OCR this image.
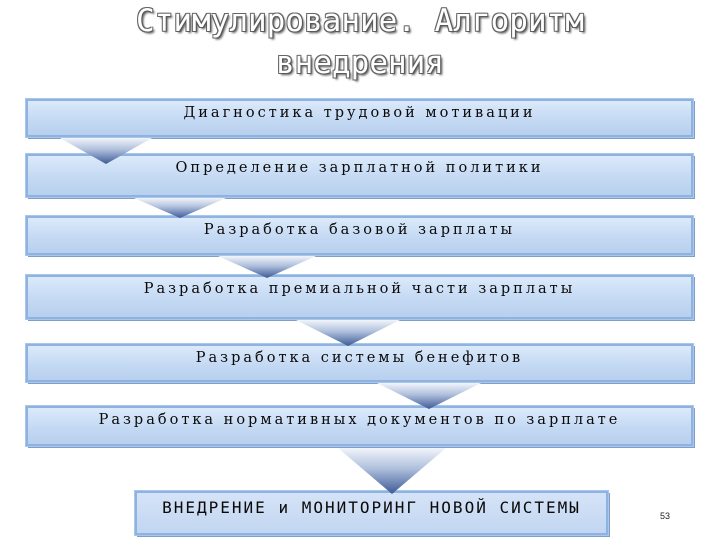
Стимулирование. Алгоритм
внедрения
Диагностика трудовой мотивации
Определение зарплатной политики
Разработка базовой зарплаты
Разработка премиальной части зарплаты
Разработка системы бенефитов
Разработка нормативных документов по зарплате
ВНЕДРЕНИЕ и МОНИТОРИНГ НОВОЙ СИСТЕМЫ	53
